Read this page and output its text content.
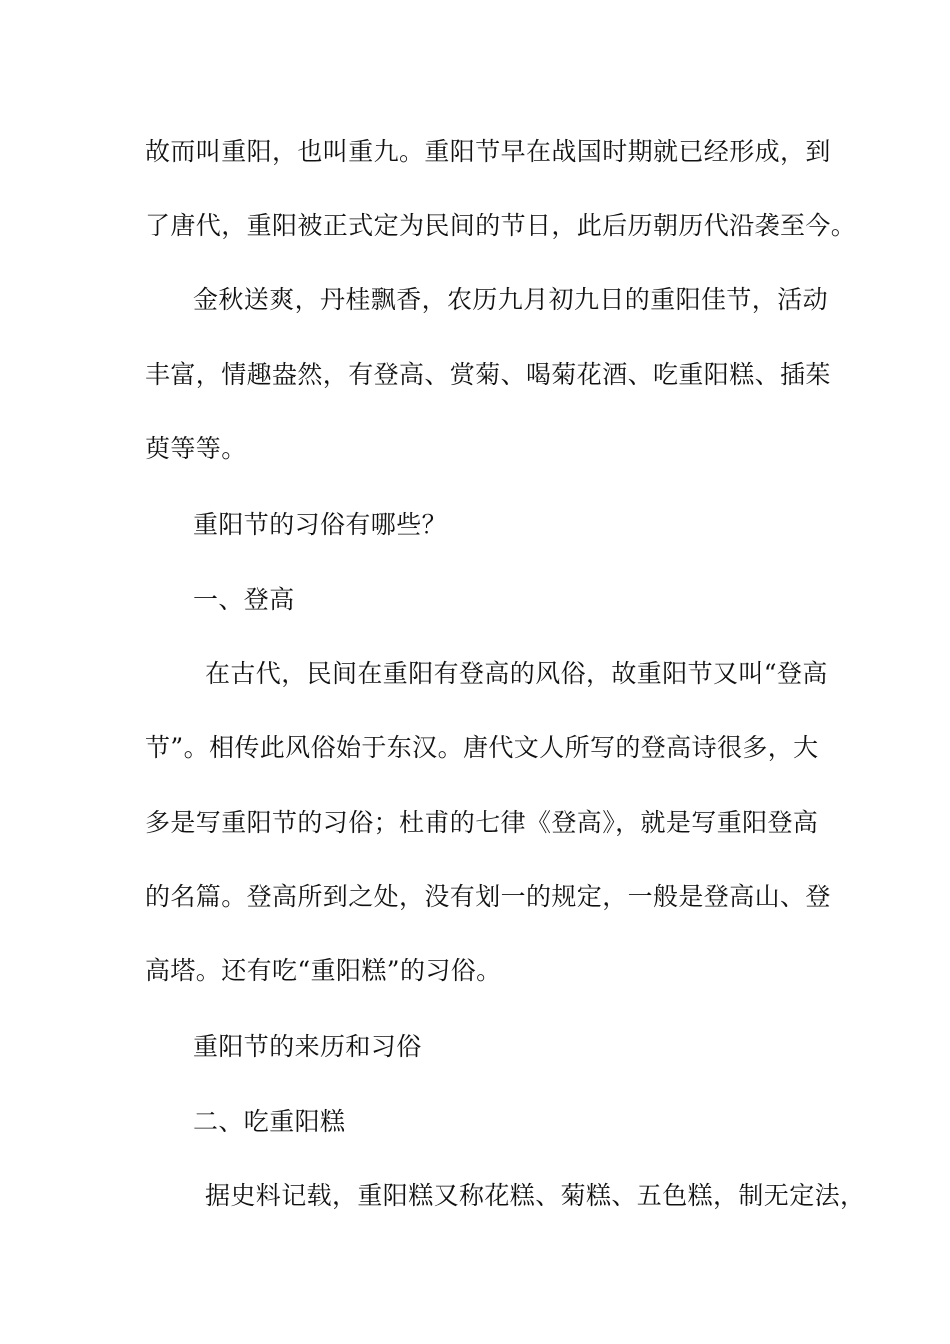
故而叫重阳，也叫重九。重阳节早在战国时期就已经形成，到
了唐代，重阳被正式定为民间的节日，此后历朝历代沿袭至今。
金秋送爽，丹桂飘香，农历九月初九日的重阳佳节，活动
丰富，情趣盎然，有登高、赏菊、喝菊花酒、吃重阳糕、插茱
萸等等。
重阳节的习俗有哪些？
一、登高
在古代，民间在重阳有登高的风俗，故重阳节又叫“登高
节”。相传此风俗始于东汉。唐代文人所写的登高诗很多，大
多是写重阳节的习俗；杜甫的七律《登高》，就是写重阳登高
的名篇。登高所到之处，没有划一的规定，一般是登高山、登
高塔。还有吃“重阳糕”的习俗。
重阳节的来历和习俗
二、吃重阳糕
据史料记载，重阳糕又称花糕、菊糕、五色糕，制无定法，
